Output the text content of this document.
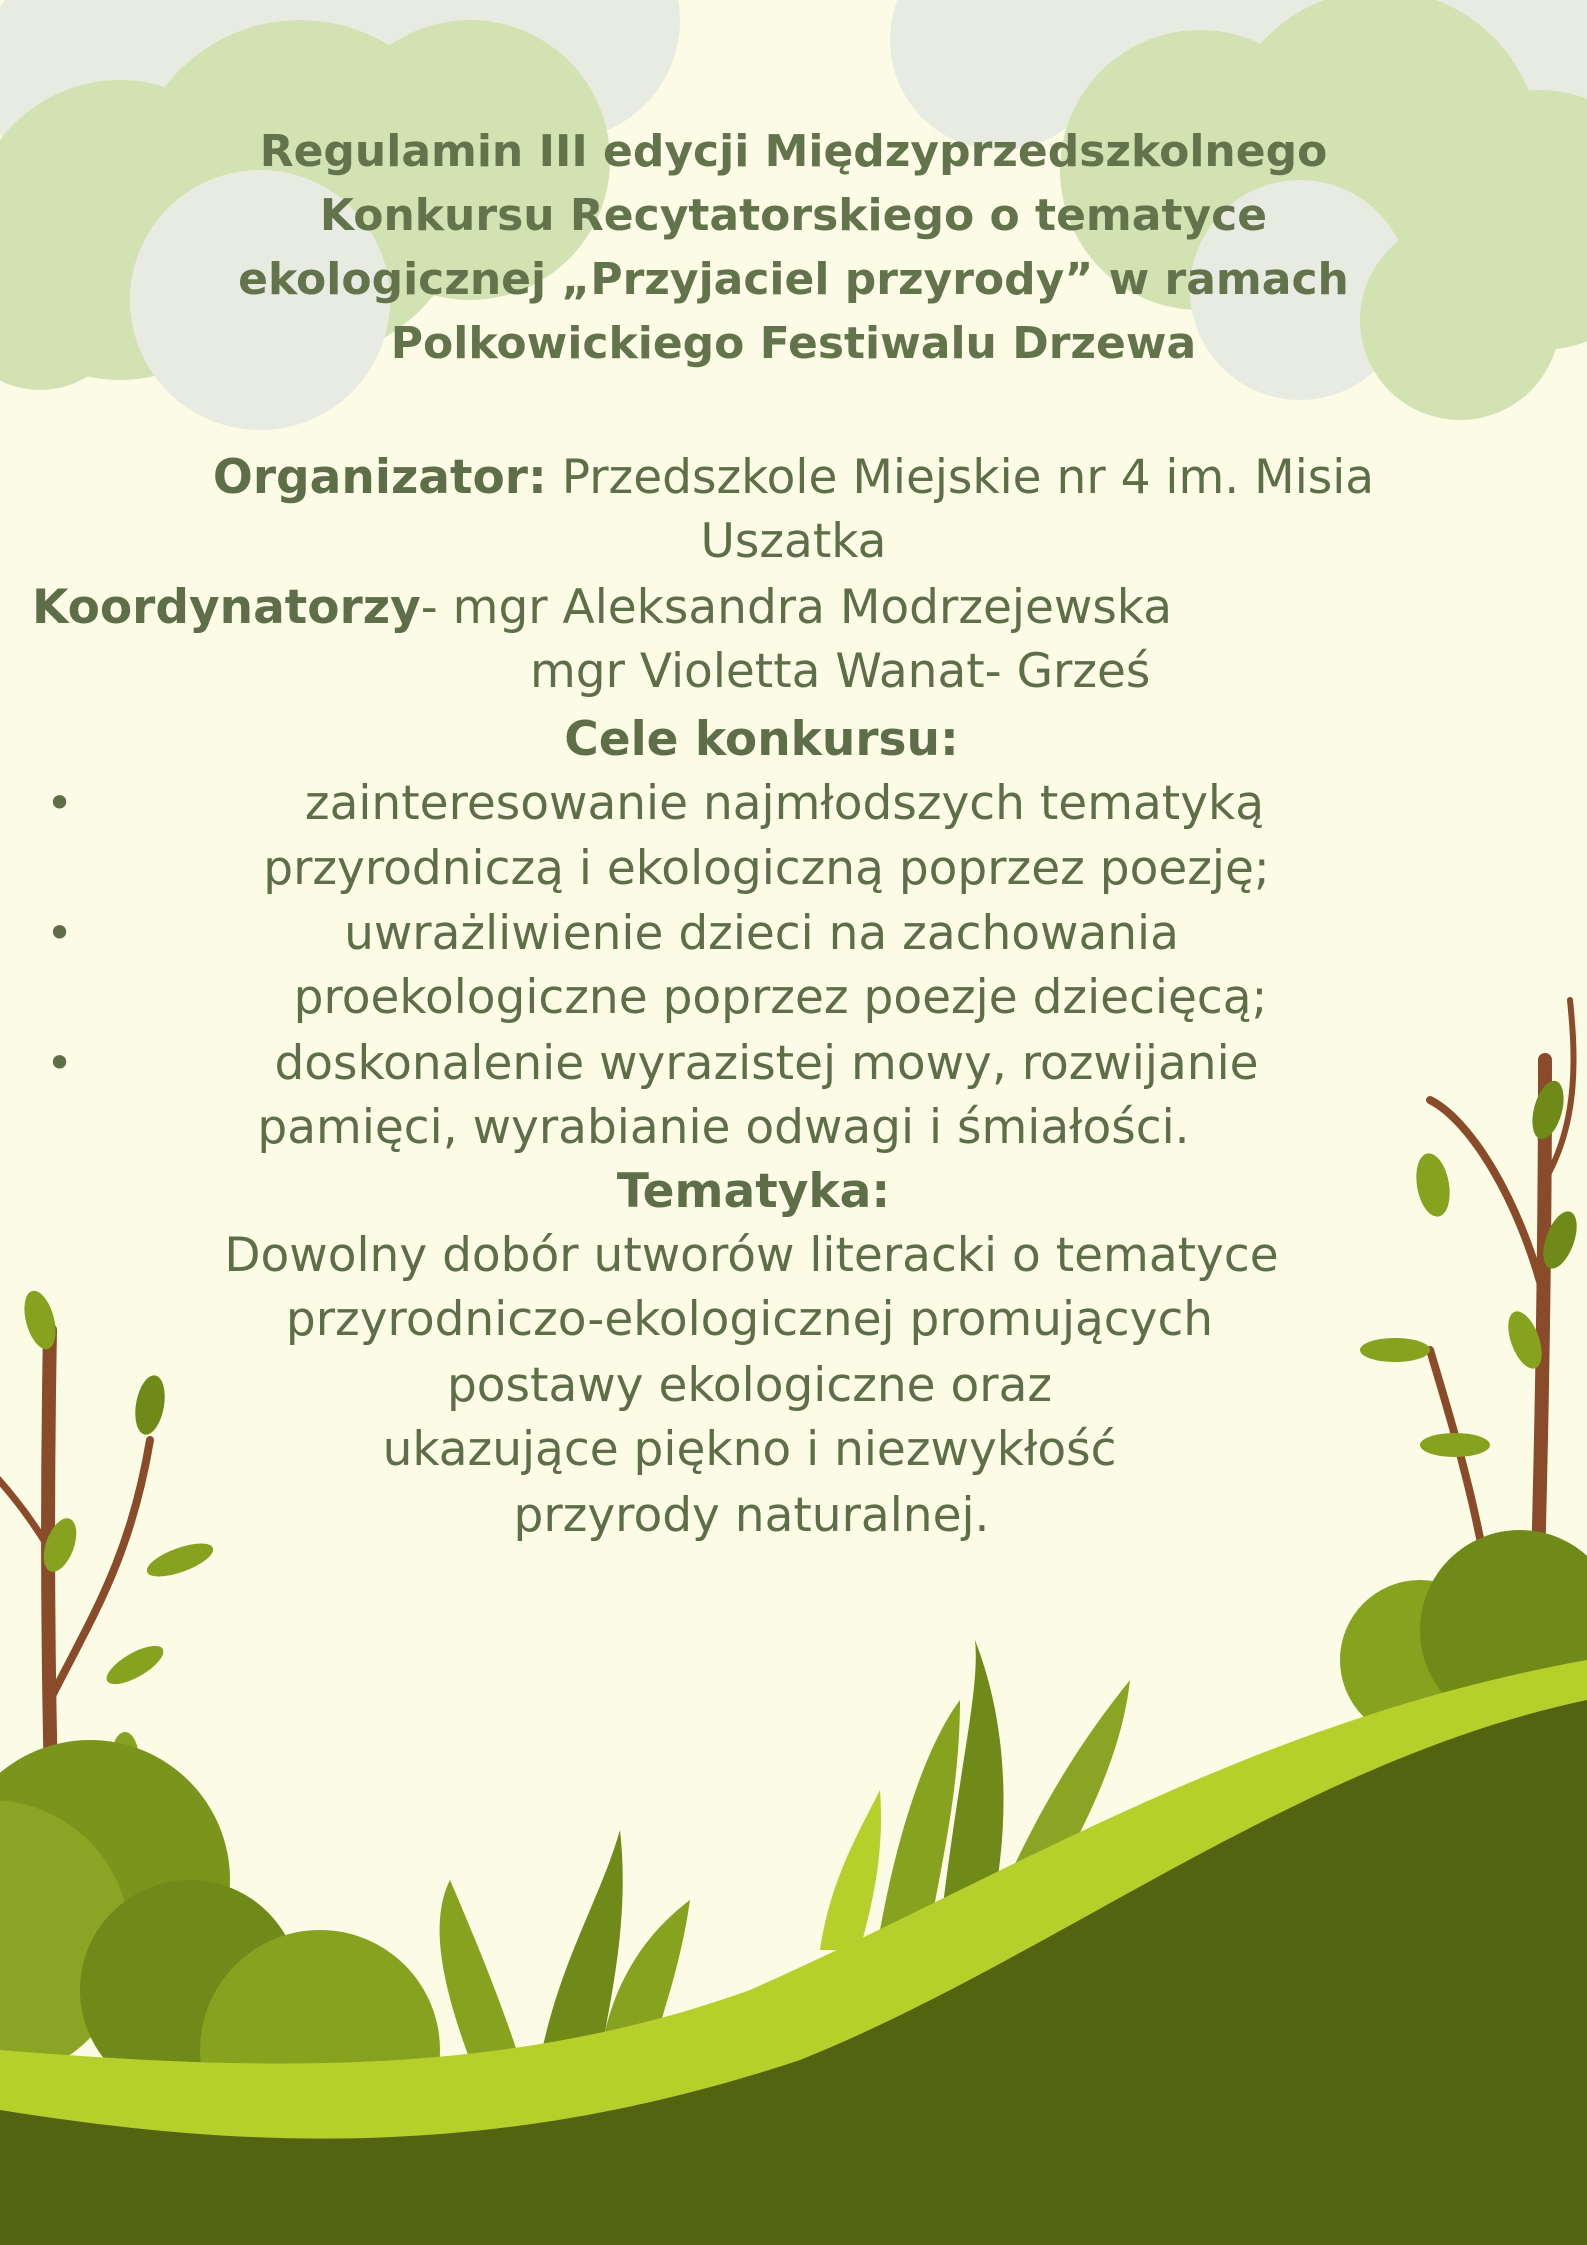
Regulamin III edycji Międzyprzedszkolnego
Konkursu Recytatorskiego o tematyce
ekologicznej „Przyjaciel przyrody” w ramach
Polkowickiego Festiwalu Drzewa
Organizator: Przedszkole Miejskie nr 4 im. Misia
Uszatka
Koordynatorzy- mgr Aleksandra Modrzejewska
mgr Violetta Wanat- Grześ
Cele konkursu:
•	zainteresowanie najmłodszych tematyką
przyrodniczą i ekologiczną poprzez poezję;
•	uwrażliwienie dzieci na zachowania
proekologiczne poprzez poezje dziecięcą;
•	doskonalenie wyrazistej mowy, rozwijanie
pamięci, wyrabianie odwagi i śmiałości.
Tematyka:
Dowolny dobór utworów literacki o tematyce
przyrodniczo-ekologicznej promujących
postawy ekologiczne oraz
ukazujące piękno i niezwykłość
przyrody naturalnej.
